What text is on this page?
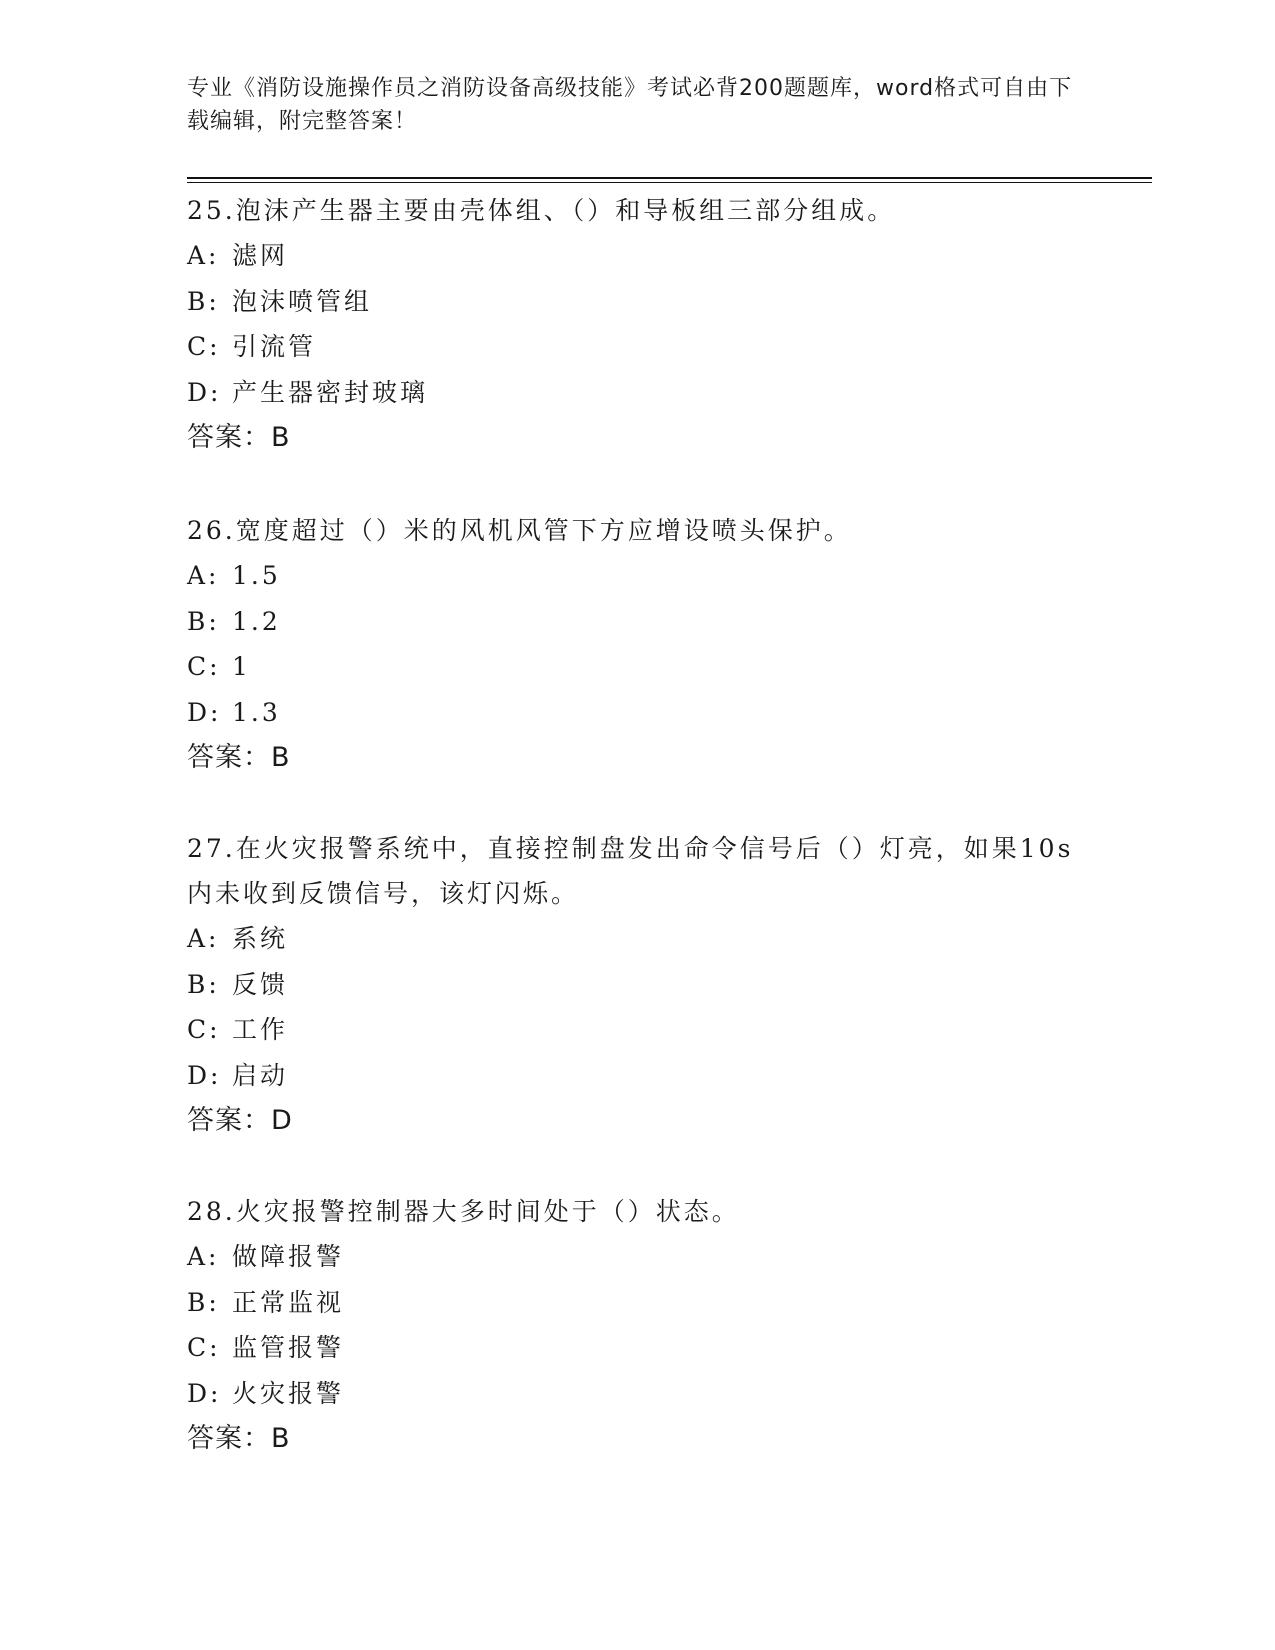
专业《消防设施操作员之消防设备高级技能》考试必背200题题库，word格式可自由下载编辑，附完整答案！
25.泡沫产生器主要由壳体组、（）和导板组三部分组成。
A: 滤网
B: 泡沫喷管组
C: 引流管
D: 产生器密封玻璃
答案：B
26.宽度超过（）米的风机风管下方应增设喷头保护。
A: 1.5
B: 1.2
C: 1
D: 1.3
答案：B
27.在火灾报警系统中，直接控制盘发出命令信号后（）灯亮，如果10s内未收到反馈信号，该灯闪烁。
A: 系统
B: 反馈
C: 工作
D: 启动
答案：D
28.火灾报警控制器大多时间处于（）状态。
A: 做障报警
B: 正常监视
C: 监管报警
D: 火灾报警
答案：B
